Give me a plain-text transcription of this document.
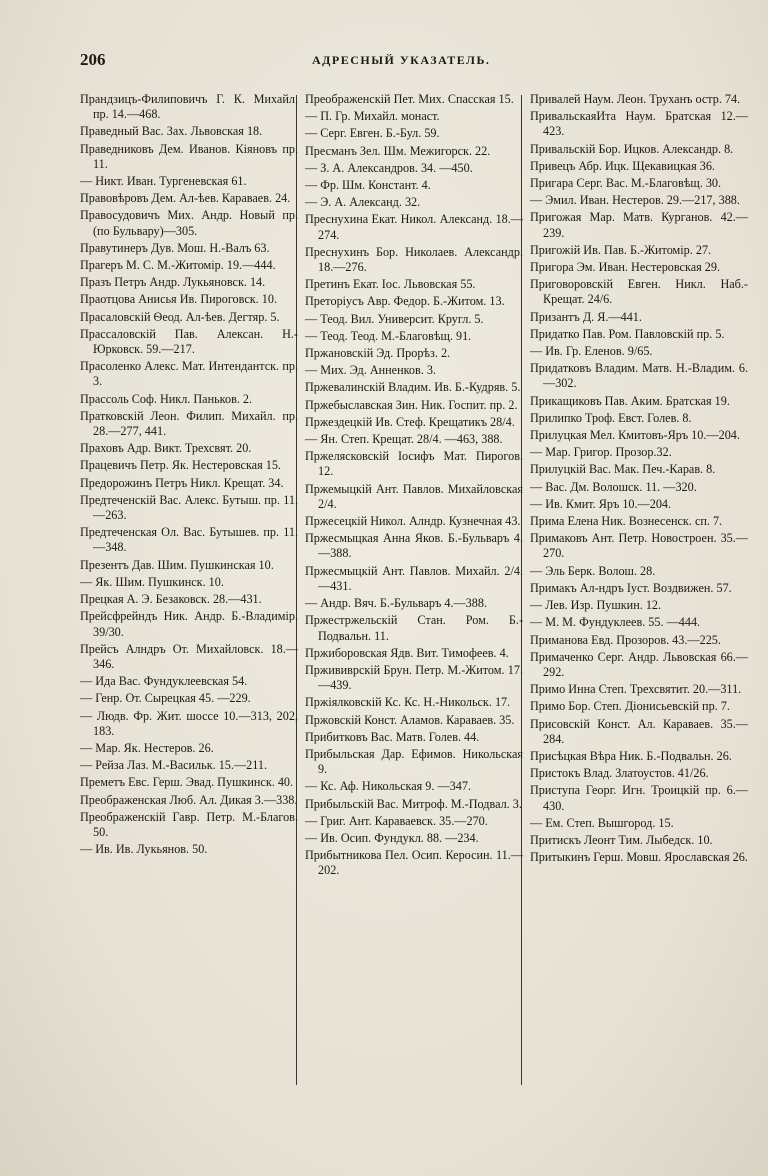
206	АДРЕСНЫЙ УКАЗАТЕЛЬ.
Прандзицъ-Филиповичъ Г. К. Михайл. пр. 14.—468.
Праведный Вас. Зах. Львовская 18.
Праведниковъ Дем. Иванов. Кіяновъ пр. 11.
— Никт. Иван. Тургеневская 61.
Правовѣровъ Дем. Ал-ѣев. Караваев. 24.
Правосудовичъ Мих. Андр. Новый пр. (по Бульвару)—305.
Правутинеръ Дув. Мош. Н.-Валъ 63.
Прагеръ М. С. М.-Житомір. 19.—444.
Празъ Петръ Андр. Лукьяновск. 14.
Праотцова Анисья Ив. Пироговск. 10.
Прасаловскій Ѳеод. Ал-ѣев. Дегтяр. 5.
Прассаловскій Пав. Алексан. Н.-Юрковск. 59.—217.
Прасоленко Алекс. Мат. Интендантск. пр. 3.
Прассоль Соф. Никл. Паньков. 2.
Пратковскій Леон. Филип. Михайл. пр. 28.—277, 441.
Праховъ Адр. Викт. Трехсвят. 20.
Працевичъ Петр. Як. Нестеровская 15.
Предорожинъ Петръ Никл. Крещат. 34.
Предтеченскій Вас. Алекс. Бутыш. пр. 11.—263.
Предтеченская Ол. Вас. Бутышев. пр. 11.—348.
Презентъ Дав. Шим. Пушкинская 10.
— Як. Шим. Пушкинск. 10.
Прецкая А. Э. Безаковск. 28.—431.
Прейсфрейндъ Ник. Андр. Б.-Владимір. 39/30.
Прейсъ Алндръ От. Михайловск. 18.—346.
— Ида Вас. Фундуклеевская 54.
— Генр. От. Сырецкая 45. —229.
— Людв. Фр. Жит. шоссе 10.—313, 202, 183.
— Мар. Як. Нестеров. 26.
— Рейза Лаз. М.-Васильк. 15.—211.
Преметъ Евс. Герш. Эвад. Пушкинск. 40.
Преображенская Люб. Ал. Дикая 3.—338.
Преображенскій Гавр. Петр. М.-Благов. 50.
— Ив. Ив. Лукьянов. 50.
Преображенскій Пет. Мих. Спасская 15.
— П. Гр. Михайл. монаст.
— Серг. Евген. Б.-Бул. 59.
Пресманъ Зел. Шм. Межигорск. 22.
— З. А. Александров. 34. —450.
— Фр. Шм. Констант. 4.
— Э. А. Александ. 32.
Преснухина Екат. Никол. Александ. 18.—274.
Преснухинъ Бор. Николаев. Александр. 18.—276.
Претинъ Екат. Іос. Львовская 55.
Преторіусъ Авр. Федор. Б.-Житом. 13.
— Теод. Вил. Университ. Кругл. 5.
— Теод. Теод. М.-Благовѣщ. 91.
Пржановскій Эд. Прорѣз. 2.
— Мих. Эд. Анненков. 3.
Пржевалинскій Владим. Ив. Б.-Кудряв. 5.
Пржебыславская Зин. Ник. Госпит. пр. 2.
Пржездецкій Ив. Стеф. Крещатикъ 28/4.
— Ян. Степ. Крещат. 28/4. —463, 388.
Пржелясковскій Іосифъ Мат. Пирогов. 12.
Пржемыцкій Ант. Павлов. Михайловская 2/4.
Пржесецкій Никол. Алндр. Кузнечная 43.
Пржесмыцкая Анна Яков. Б.-Бульваръ 4.—388.
Пржесмыцкій Ант. Павлов. Михайл. 2/4.—431.
— Андр. Вяч. Б.-Бульваръ 4.—388.
Пржестржельскій Стан. Ром. Б.-Подвальн. 11.
Пржиборовская Ядв. Вит. Тимофеев. 4.
Пржививрскій Брун. Петр. М.-Житом. 17.—439.
Пржіялковскій Кс. Кс. Н.-Никольск. 17.
Пржовскій Конст. Аламов. Караваев. 35.
Прибитковъ Вас. Матв. Голев. 44.
Прибыльская Дар. Ефимов. Никольская 9.
— Кс. Аф. Никольская 9. —347.
Прибыльскій Вас. Митроф. М.-Подвал. 3.
— Григ. Ант. Караваевск. 35.—270.
— Ив. Осип. Фундукл. 88. —234.
Прибытникова Пел. Осип. Керосин. 11.—202.
Привалей Наум. Леон. Труханъ остр. 74.
ПривальскаяИта Наум. Братская 12.—423.
Привальскій Бор. Ицков. Александр. 8.
Привецъ Абр. Ицк. Щекавицкая 36.
Пригара Серг. Вас. М.-Благовѣщ. 30.
— Эмил. Иван. Нестеров. 29.—217, 388.
Пригожая Мар. Матв. Курганов. 42.—239.
Пригожій Ив. Пав. Б.-Житомір. 27.
Пригора Эм. Иван. Нестеровская 29.
Приговоровскій Евген. Никл. Наб.-Крещат. 24/6.
Призантъ Д. Я.—441.
Придатко Пав. Ром. Павловскій пр. 5.
— Ив. Гр. Еленов. 9/65.
Придатковъ Владим. Матв. Н.-Владим. 6.—302.
Прикащиковъ Пав. Аким. Братская 19.
Прилипко Троф. Евст. Голев. 8.
Прилуцкая Мел. Кмитовъ-Яръ 10.—204.
— Мар. Григор. Прозор.32.
Прилуцкій Вас. Мак. Печ.-Карав. 8.
— Вас. Дм. Волошск. 11. —320.
— Ив. Кмит. Яръ 10.—204.
Прима Елена Ник. Вознесенск. сп. 7.
Примаковъ Ант. Петр. Новостроен. 35.—270.
— Эль Берк. Волош. 28.
Примакъ Ал-ндръ Іуст. Воздвижен. 57.
— Лев. Изр. Пушкин. 12.
— М. М. Фундуклеев. 55. —444.
Приманова Евд. Прозоров. 43.—225.
Примаченко Серг. Андр. Львовская 66.—292.
Примо Инна Степ. Трехсвятит. 20.—311.
Примо Бор. Степ. Діонисьевскій пр. 7.
Присовскій Конст. Ал. Караваев. 35.—284.
Присѣцкая Вѣра Ник. Б.-Подвальн. 26.
Пристокъ Влад. Златоустов. 41/26.
Приступа Георг. Игн. Троицкій пр. 6.—430.
— Ем. Степ. Вышгород. 15.
Притискъ Леонт Тим. Лыбедск. 10.
Притыкинъ Герш. Мовш. Ярославская 26.
